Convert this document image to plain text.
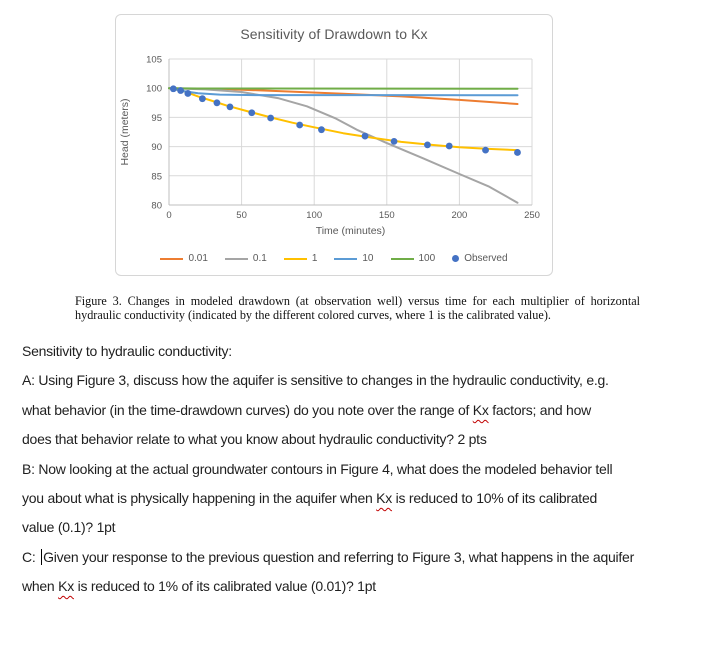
Sensitivity of Drawdown to Kx
0	50	100	150	200	250
80
85
90
95
100
105
Time (minutes)
Head (meters)
0.01	0.1	1	10	100	Observed
Figure 3. Changes in modeled drawdown (at observation well) versus time for each multiplier of horizontal
hydraulic conductivity (indicated by the different colored curves, where 1 is the calibrated value).
Sensitivity to hydraulic conductivity:
A: Using Figure 3, discuss how the aquifer is sensitive to changes in the hydraulic conductivity, e.g.
what behavior (in the time-drawdown curves) do you note over the range of Kx factors; and how
does that behavior relate to what you know about hydraulic conductivity? 2 pts
B: Now looking at the actual groundwater contours in Figure 4, what does the modeled behavior tell
you about what is physically happening in the aquifer when Kx is reduced to 10% of its calibrated
value (0.1)? 1pt
C: Given your response to the previous question and referring to Figure 3, what happens in the aquifer
when Kx is reduced to 1% of its calibrated value (0.01)? 1pt
